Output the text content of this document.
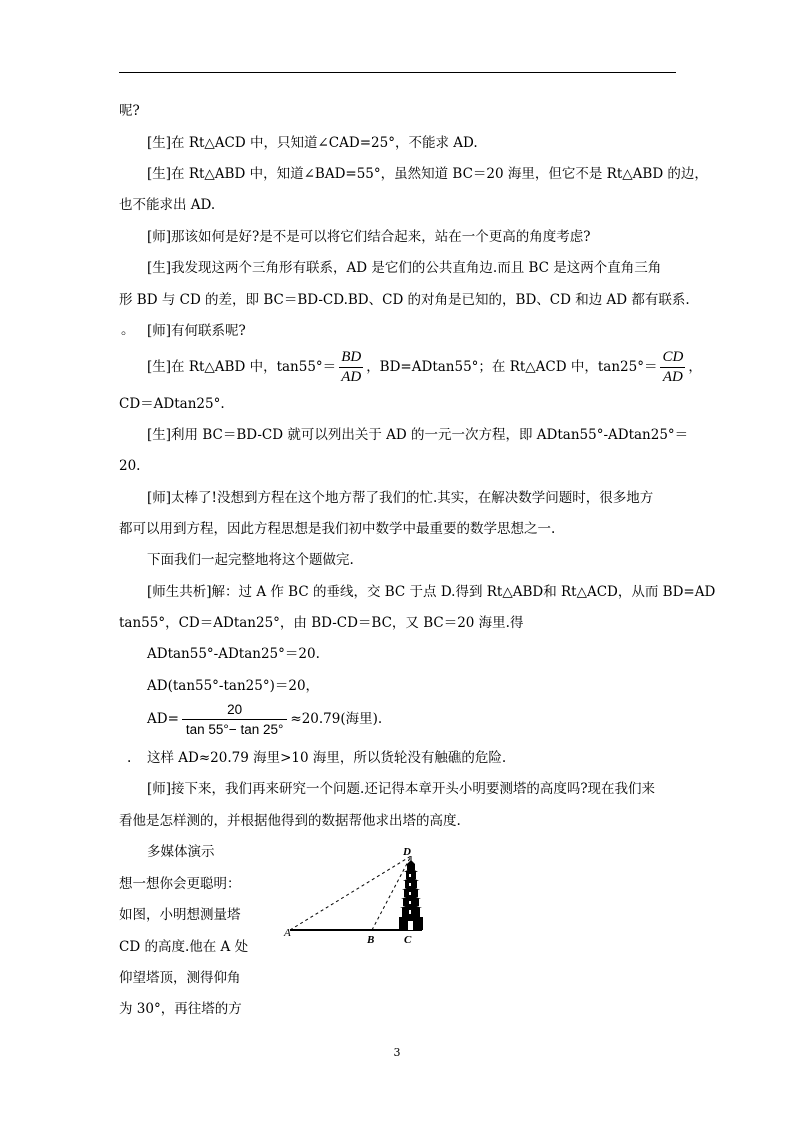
呢?
[生]在 Rt△ACD 中，只知道∠CAD=25°，不能求 AD.
[生]在 Rt△ABD 中，知道∠BAD=55°，虽然知道 BC＝20 海里，但它不是 Rt△ABD 的边，
也不能求出 AD.
[师]那该如何是好?是不是可以将它们结合起来，站在一个更高的角度考虑?
[生]我发现这两个三角形有联系，AD 是它们的公共直角边.而且 BC 是这两个直角三角
形 BD 与 CD 的差，即 BC＝BD-CD.BD、CD 的对角是已知的，BD、CD 和边 AD 都有联系.
。 [师]有何联系呢?
[生]在 Rt△ABD 中，$\tan 55^\circ= \frac{BD}{AD}$ ，BD=ADtan55°；在 Rt△ACD 中，$\tan 25^\circ= \frac{CD}{AD}$ ，
CD＝ADtan25°.
[生]利用 BC＝BD-CD 就可以列出关于 AD 的一元一次方程，即 ADtan55°-ADtan25°＝
20.
[师]太棒了!没想到方程在这个地方帮了我们的忙.其实，在解决数学问题时，很多地方
都可以用到方程，因此方程思想是我们初中数学中最重要的数学思想之一.
下面我们一起完整地将这个题做完.
[师生共析]解：过 A 作 BC 的垂线，交 BC 于点 D.得到 Rt△ABD和 Rt△ACD，从而 BD=AD
tan55°，CD＝ADtan25°，由 BD-CD＝BC，又 BC＝20 海里.得
ADtan55°-ADtan25°＝20.
AD(tan55°-tan25°)＝20，
$AD= \frac{20}{\tan 55^\circ- \tan 25^\circ} \approx 20.79$(海里).
. 这样 AD≈20.79 海里>10 海里，所以货轮没有触礁的危险.
[师]接下来，我们再来研究一个问题.还记得本章开头小明要测塔的高度吗?现在我们来
看他是怎样测的，并根据他得到的数据帮他求出塔的高度.
多媒体演示
想一想你会更聪明：
如图，小明想测量塔
CD 的高度.他在 A 处
仰望塔顶，测得仰角
为 30°，再往塔的方
A
B	C
D
3
